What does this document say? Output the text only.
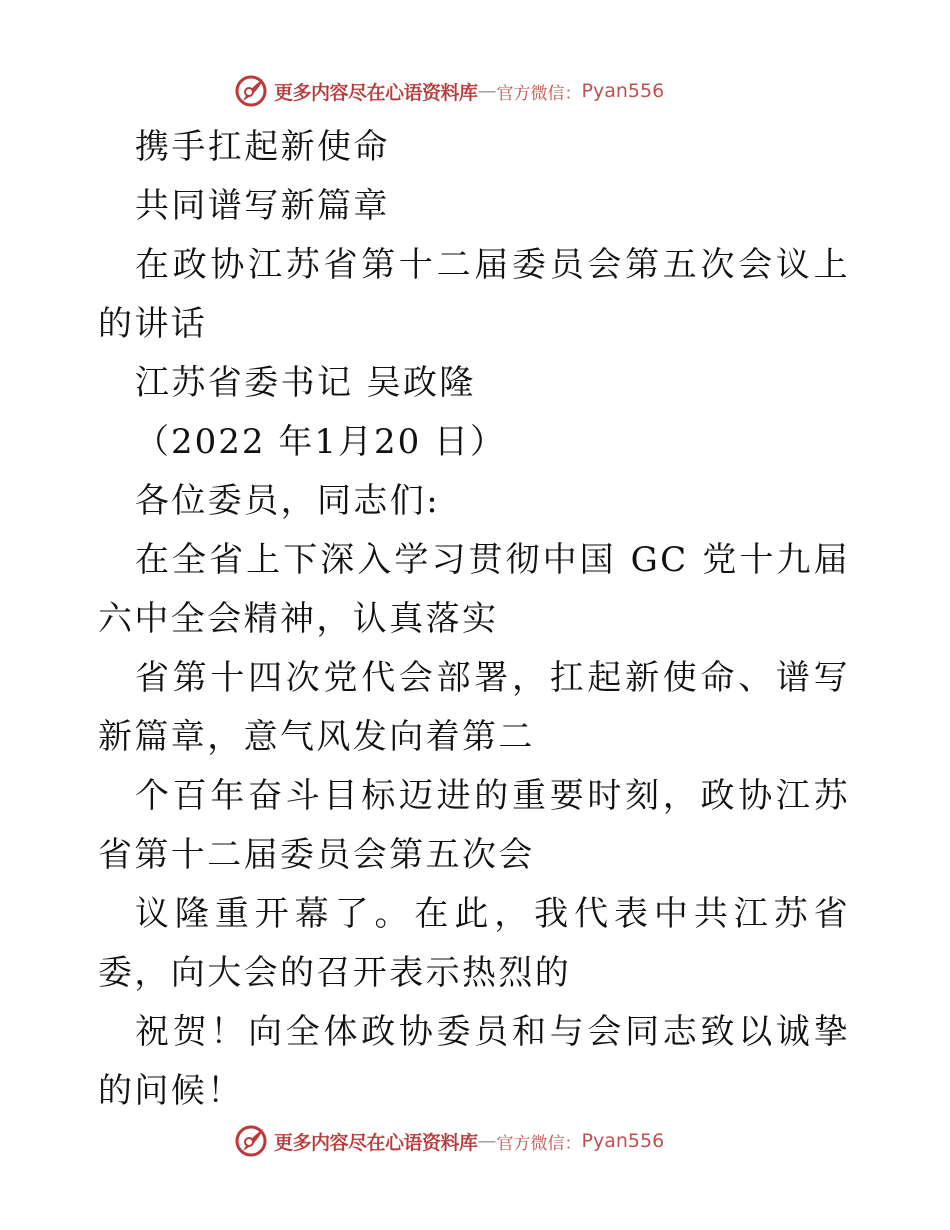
更多内容尽在心语资料库 — 官方微信： Pyan556

携手扛起新使命

共同谱写新篇章

在政协江苏省第十二届委员会第五次会议上的讲话

江苏省委书记 吴政隆

（2022 年1月20 日）

各位委员，同志们:

在全省上下深入学习贯彻中国 GC 党十九届六中全会精神，认真落实

省第十四次党代会部署，扛起新使命、谱写新篇章，意气风发向着第二

个百年奋斗目标迈进的重要时刻，政协江苏省第十二届委员会第五次会

议隆重开幕了。在此，我代表中共江苏省委，向大会的召开表示热烈的

祝贺！向全体政协委员和与会同志致以诚挚的问候！

更多内容尽在心语资料库 — 官方微信： Pyan556
